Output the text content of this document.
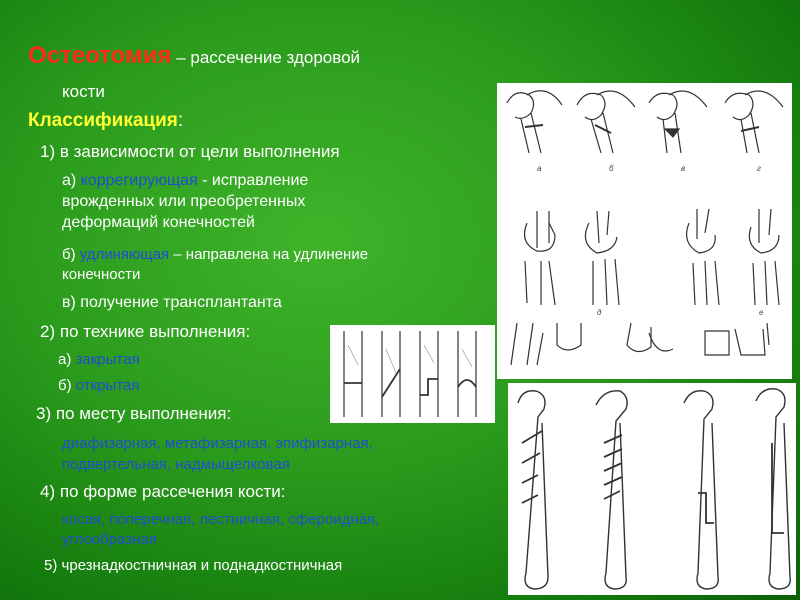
а	б	в	г
д	е
Остеотомия – рассечение здоровой
кости
Классификация:
1) в зависимости от цели выполнения
а) коррегирующая - исправление
врожденных или преобретенных
деформаций конечностей
б) удлиняющая – направлена на удлинение
конечности
в) получение трансплантанта
2) по технике выполнения:
а) закрытая
б) открытая
3) по месту выполнения:
диафизарная, метафизарная, эпифизарная,
подвертельная, надмыщелковая
4) по форме рассечения кости:
косая, поперечная, лестничная, сфероидная,
углообразная
5) чрезнадкостничная и поднадкостничная
